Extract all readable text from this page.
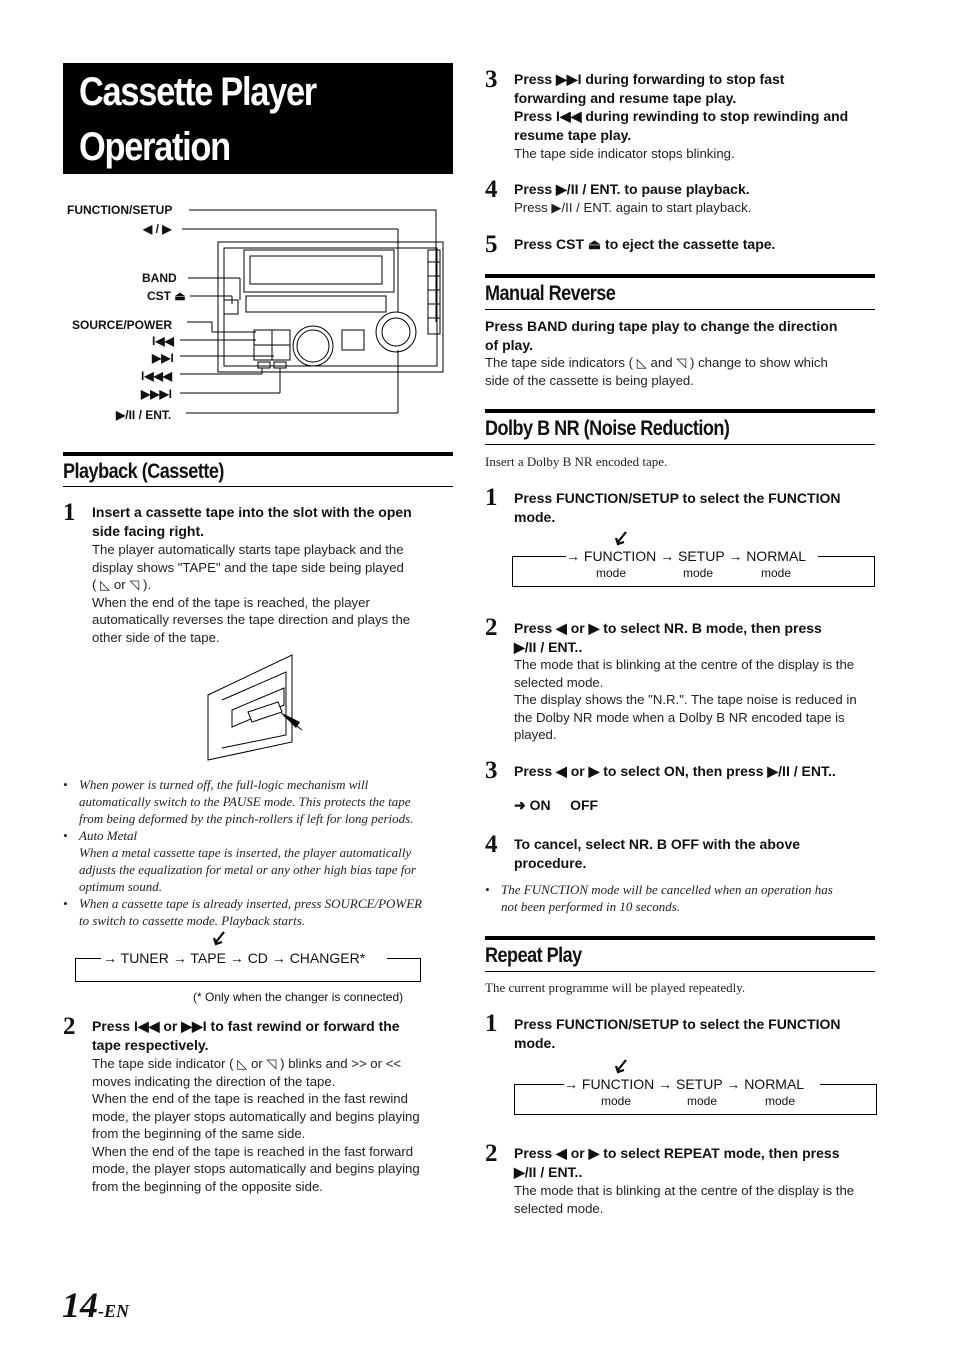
Cassette Player
Operation
FUNCTION/SETUP
◀ / ▶
BAND
CST ⏏
SOURCE/POWER
I◀◀
▶▶I
I◀◀◀
▶▶▶I
▶/II / ENT.
Playback (Cassette)
1 Insert a cassette tape into the slot with the open side facing right.
The player automatically starts tape playback and the
display shows "TAPE" and the tape side being played
( ◺ or ◹ ).
When the end of the tape is reached, the player
automatically reverses the tape direction and plays the
other side of the tape.
• When power is turned off, the full-logic mechanism will
automatically switch to the PAUSE mode. This protects the tape
from being deformed by the pinch-rollers if left for long periods.
• Auto Metal
When a metal cassette tape is inserted, the player automatically
adjusts the equalization for metal or any other high bias tape for
optimum sound.
• When a cassette tape is already inserted, press SOURCE/POWER
to switch to cassette mode. Playback starts.
→ TUNER → TAPE → CD → CHANGER*
(* Only when the changer is connected)
2 Press I◀◀ or ▶▶I to fast rewind or forward the
tape respectively.
The tape side indicator ( ◺ or ◹ ) blinks and >> or <<
moves indicating the direction of the tape.
When the end of the tape is reached in the fast rewind
mode, the player stops automatically and begins playing
from the beginning of the same side.
When the end of the tape is reached in the fast forward
mode, the player stops automatically and begins playing
from the beginning of the opposite side.
3 Press ▶▶I during forwarding to stop fast
forwarding and resume tape play.
Press I◀◀ during rewinding to stop rewinding and
resume tape play.
The tape side indicator stops blinking.
4 Press ▶/II / ENT. to pause playback.
Press ▶/II / ENT. again to start playback.
5 Press CST ⏏ to eject the cassette tape.
Manual Reverse
Press BAND during tape play to change the direction
of play.
The tape side indicators ( ◺ and ◹ ) change to show which
side of the cassette is being played.
Dolby B NR (Noise Reduction)
Insert a Dolby B NR encoded tape.
1 Press FUNCTION/SETUP to select the FUNCTION
mode.
→ FUNCTION → SETUP → NORMAL
mode	mode	mode
2 Press ◀ or ▶ to select NR. B mode, then press
▶/II / ENT..
The mode that is blinking at the centre of the display is the
selected mode.
The display shows the "N.R.". The tape noise is reduced in
the Dolby NR mode when a Dolby B NR encoded tape is
played.
3 Press ◀ or ▶ to select ON, then press ▶/II / ENT..
➜ ON     OFF
4 To cancel, select NR. B OFF with the above
procedure.
• The FUNCTION mode will be cancelled when an operation has
not been performed in 10 seconds.
Repeat Play
The current programme will be played repeatedly.
1 Press FUNCTION/SETUP to select the FUNCTION
mode.
→ FUNCTION → SETUP → NORMAL
mode	mode	mode
2 Press ◀ or ▶ to select REPEAT mode, then press
▶/II / ENT..
The mode that is blinking at the centre of the display is the
selected mode.
14-EN
